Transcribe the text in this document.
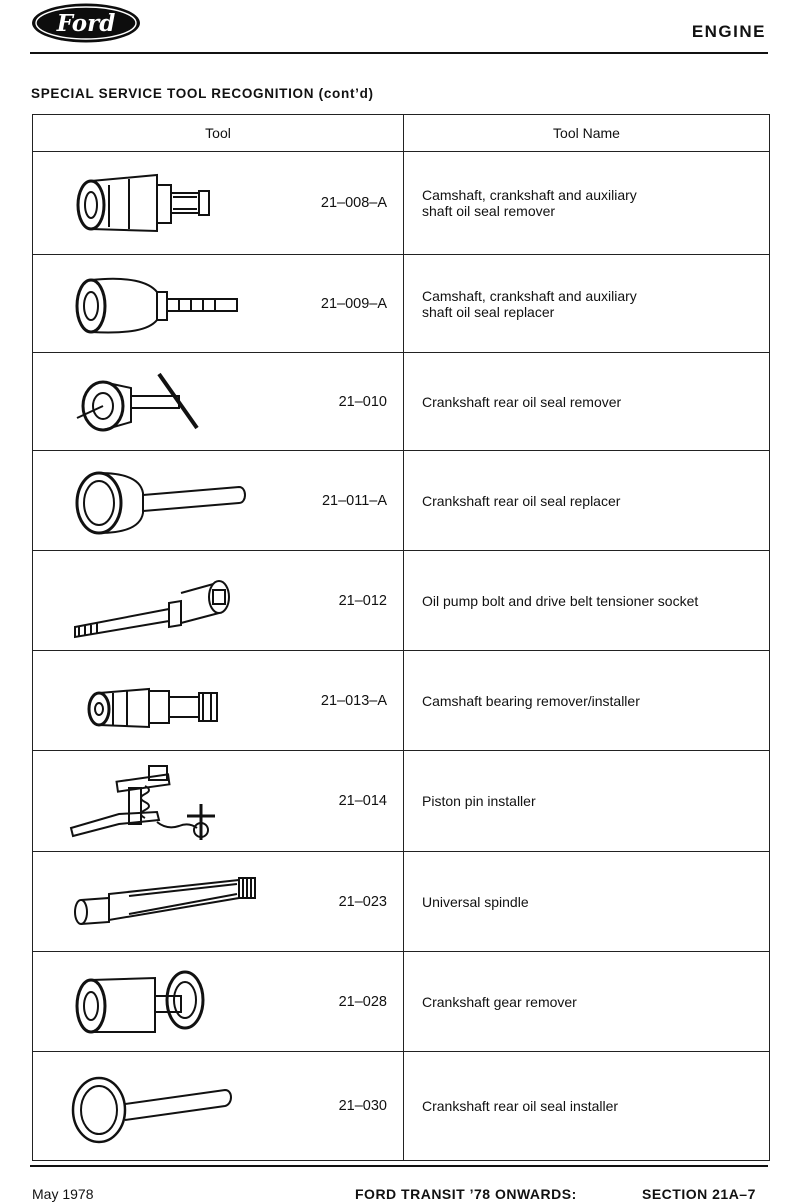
Ford	ENGINE
SPECIAL SERVICE TOOL RECOGNITION (cont’d)
Tool	Tool Name

21–008–A	Camshaft, crankshaft and auxiliary
shaft oil seal remover

21–009–A	Camshaft, crankshaft and auxiliary
shaft oil seal replacer

21–010	Crankshaft rear oil seal remover

21–011–A	Crankshaft rear oil seal replacer

21–012	Oil pump bolt and drive belt tensioner socket

21–013–A	Camshaft bearing remover/installer

21–014	Piston pin installer

21–023	Universal spindle

21–028	Crankshaft gear remover

21–030	Crankshaft rear oil seal installer
May 1978	FORD TRANSIT ’78 ONWARDS:	SECTION 21A–7
